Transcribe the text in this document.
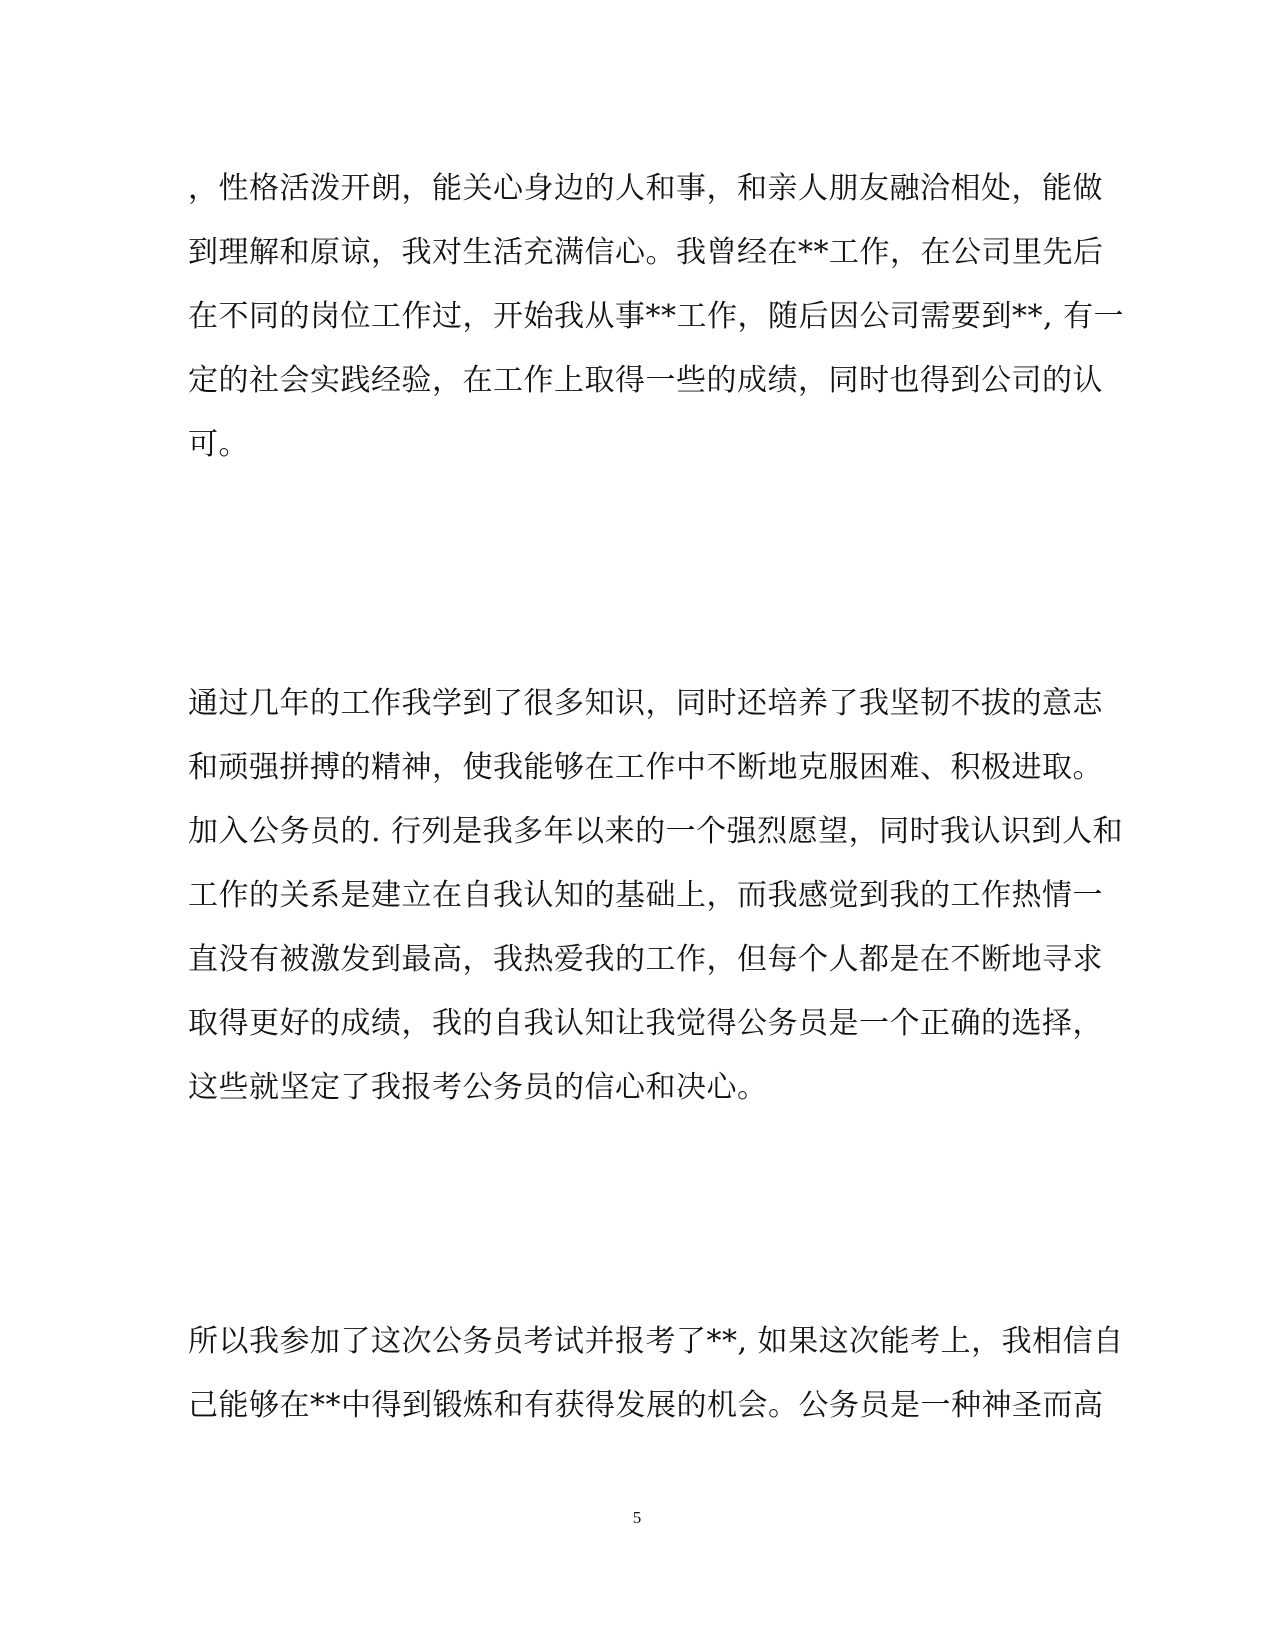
，性格活泼开朗，能关心身边的人和事，和亲人朋友融洽相处，能做
到理解和原谅，我对生活充满信心。我曾经在**工作，在公司里先后
在不同的岗位工作过，开始我从事**工作，随后因公司需要到**, 有一
定的社会实践经验，在工作上取得一些的成绩，同时也得到公司的认
可。
通过几年的工作我学到了很多知识，同时还培养了我坚韧不拔的意志
和顽强拼搏的精神，使我能够在工作中不断地克服困难、积极进取。
加入公务员的. 行列是我多年以来的一个强烈愿望，同时我认识到人和
工作的关系是建立在自我认知的基础上，而我感觉到我的工作热情一
直没有被激发到最高，我热爱我的工作，但每个人都是在不断地寻求
取得更好的成绩，我的自我认知让我觉得公务员是一个正确的选择，
这些就坚定了我报考公务员的信心和决心。
所以我参加了这次公务员考试并报考了**, 如果这次能考上，我相信自
己能够在**中得到锻炼和有获得发展的机会。公务员是一种神圣而高
5
